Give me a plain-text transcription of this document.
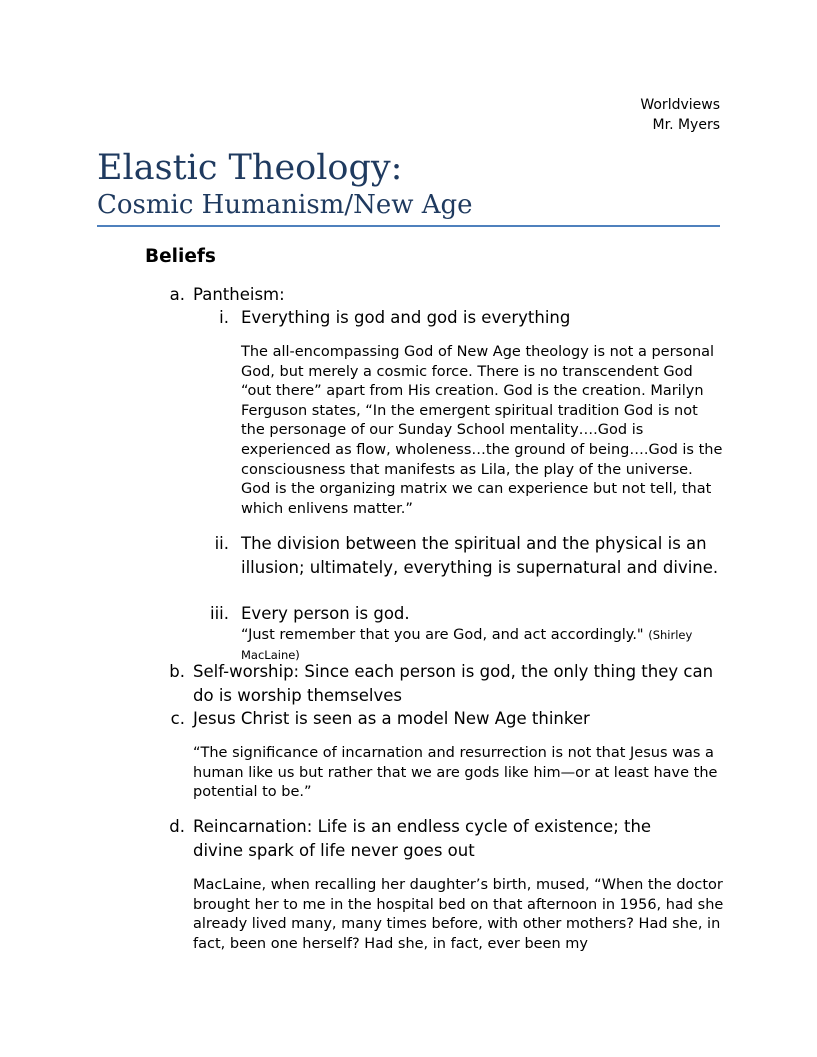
Worldviews
Mr. Myers
Elastic Theology:
Cosmic Humanism/New Age
Beliefs
a. Pantheism:
i. Everything is god and god is everything
The all-encompassing God of New Age theology is not a personal God, but merely a cosmic force. There is no transcendent God “out there” apart from His creation. God is the creation. Marilyn Ferguson states, “In the emergent spiritual tradition God is not the personage of our Sunday School mentality….God is experienced as flow, wholeness…the ground of being….God is the consciousness that manifests as Lila, the play of the universe. God is the organizing matrix we can experience but not tell, that which enlivens matter.”
ii. The division between the spiritual and the physical is an illusion; ultimately, everything is supernatural and divine.
iii. Every person is god.
“Just remember that you are God, and act accordingly." (Shirley MacLaine)
b. Self-worship: Since each person is god, the only thing they can do is worship themselves
c. Jesus Christ is seen as a model New Age thinker
“The significance of incarnation and resurrection is not that Jesus was a human like us but rather that we are gods like him—or at least have the potential to be.”
d. Reincarnation: Life is an endless cycle of existence; the divine spark of life never goes out
MacLaine, when recalling her daughter’s birth, mused, “When the doctor brought her to me in the hospital bed on that afternoon in 1956, had she already lived many, many times before, with other mothers? Had she, in fact, been one herself? Had she, in fact, ever been my
